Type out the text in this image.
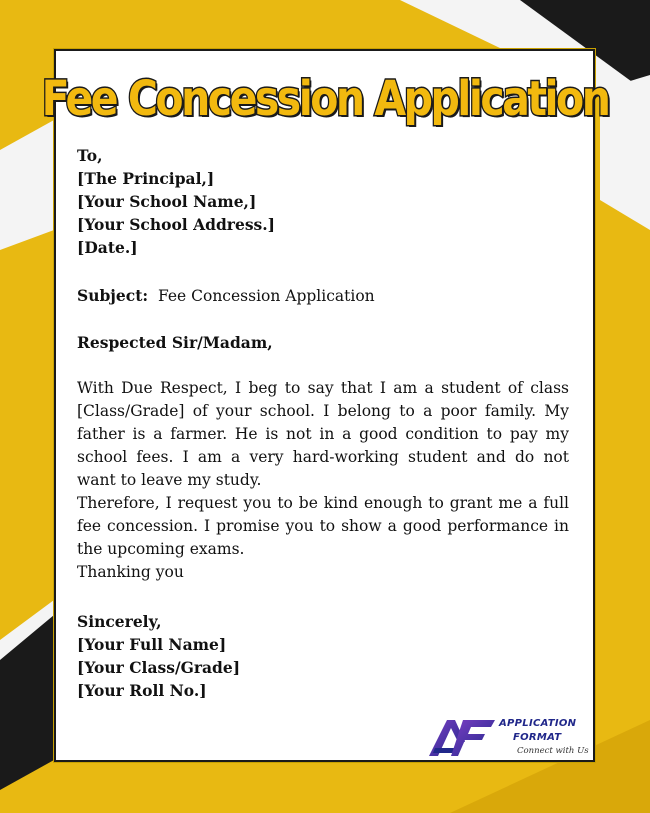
Fee Concession Application
To,
[The Principal,]
[Your School Name,]
[Your School Address.]
[Date.]
Subject: Fee Concession Application
Respected Sir/Madam,

With Due Respect, I beg to say that I am a student of class [Class/Grade] of your school. I belong to a poor family. My father is a farmer. He is not in a good condition to pay my school fees. I am a very hard-working student and do not want to leave my study.

Therefore, I request you to be kind enough to grant me a full fee concession. I promise you to show a good performance in the upcoming exams.

Thanking you

Sincerely,
[Your Full Name]
[Your Class/Grade]
[Your Roll No.]
APPLICATION
FORMAT
Connect with Us
